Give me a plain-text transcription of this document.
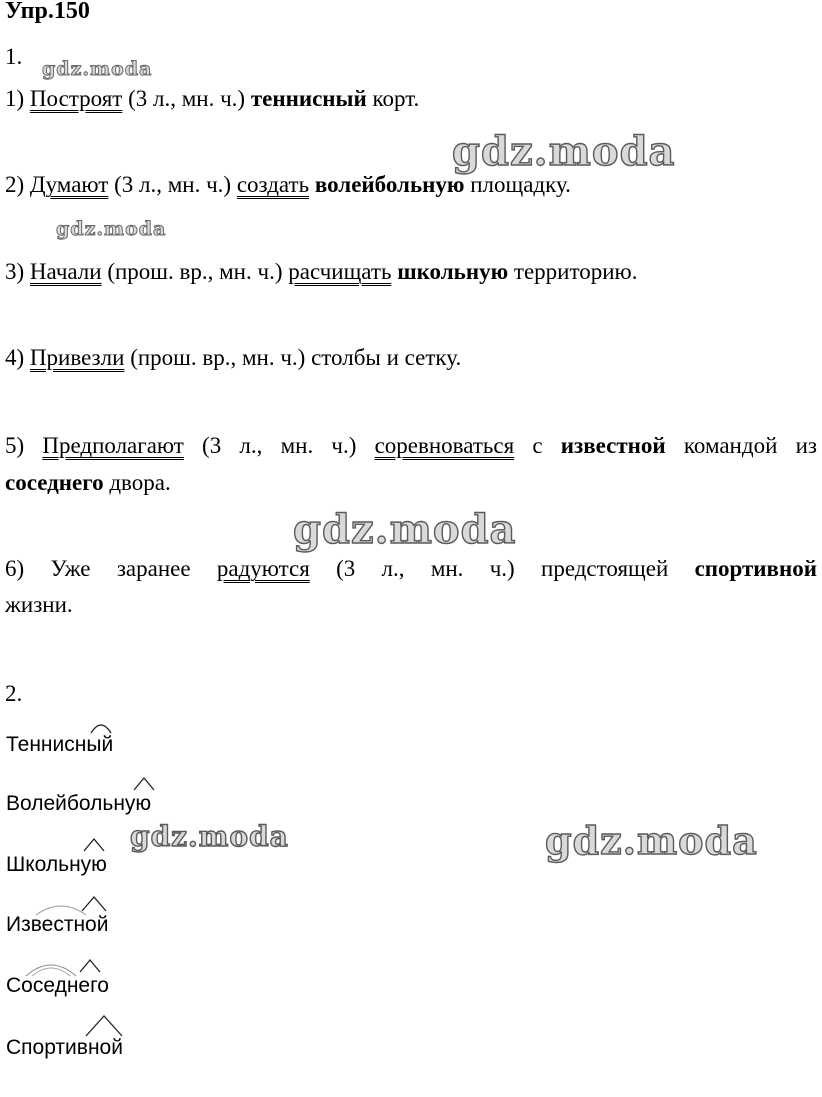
Упр.150
1.
1) Построят (3 л., мн. ч.) теннисный корт.
2) Думают (3 л., мн. ч.) создать волейбольную площадку.
3) Начали (прош. вр., мн. ч.) расчищать школьную территорию.
4) Привезли (прош. вр., мн. ч.) столбы и сетку.
5) Предполагают (3 л., мн. ч.) соревноваться с известной командой из
соседнего двора.
6) Уже заранее радуются (3 л., мн. ч.) предстоящей спортивной
жизни.
2.
Теннисный
Волейбольную
Школьную
Известной
Соседнего
Спортивной
gdz.moda
gdz.moda
gdz.moda
gdz.moda
gdz.moda	gdz.moda
